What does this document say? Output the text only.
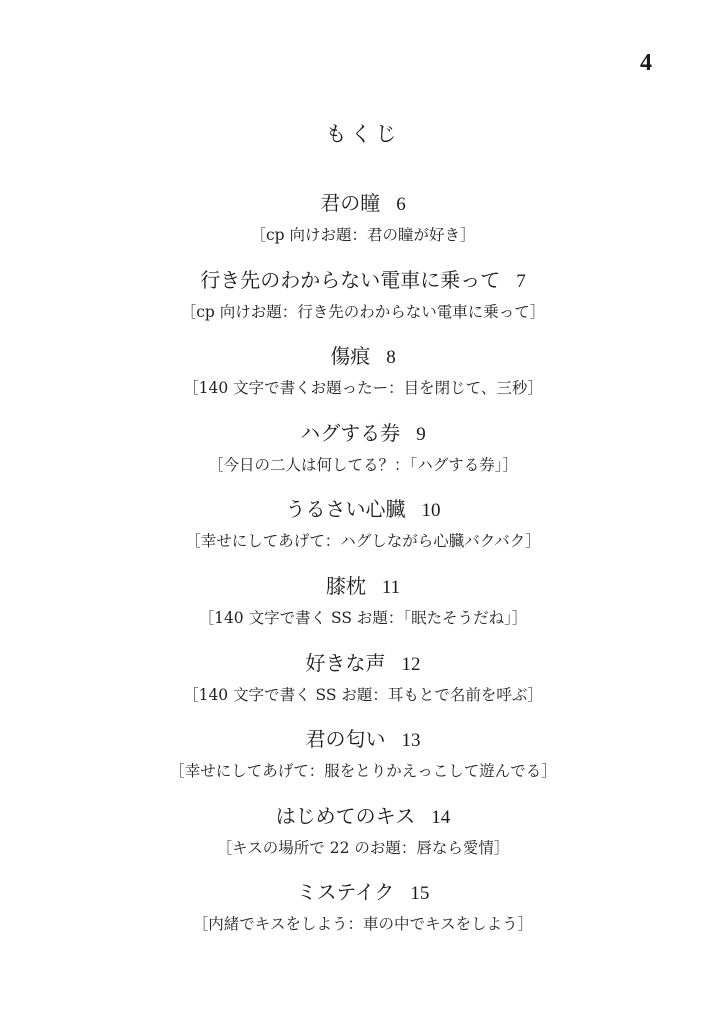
4

もくじ
君の瞳 6
［cp 向けお題：君の瞳が好き］
行き先のわからない電車に乗って 7
［cp 向けお題：行き先のわからない電車に乗って］
傷痕 8
［140 文字で書くお題ったー：目を閉じて、三秒］
ハグする券 9
［今日の二人は何してる？：「ハグする券」］
うるさい心臓 10
［幸せにしてあげて：ハグしながら心臓バクバク］
膝枕 11
［140 文字で書く SS お題：「眠たそうだね」］
好きな声 12
［140 文字で書く SS お題：耳もとで名前を呼ぶ］
君の匂い 13
［幸せにしてあげて：服をとりかえっこして遊んでる］
はじめてのキス 14
［キスの場所で 22 のお題：唇なら愛情］
ミステイク 15
［内緒でキスをしよう：車の中でキスをしよう］
